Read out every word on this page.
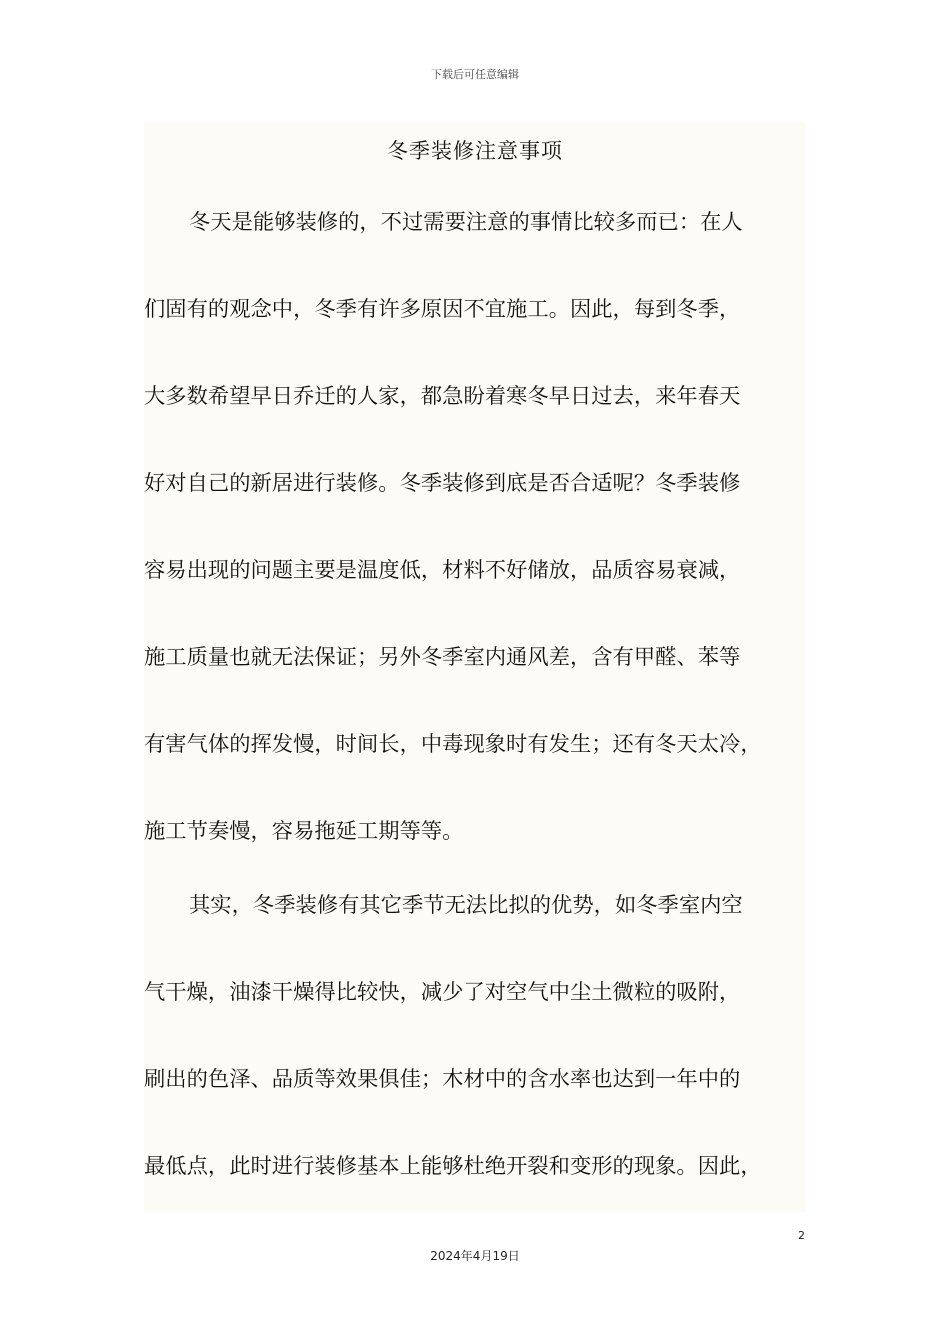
下载后可任意编辑
冬季装修注意事项

冬天是能够装修的，不过需要注意的事情比较多而已：在人

们固有的观念中，冬季有许多原因不宜施工。因此，每到冬季，

大多数希望早日乔迁的人家，都急盼着寒冬早日过去，来年春天

好对自己的新居进行装修。冬季装修到底是否合适呢？冬季装修

容易出现的问题主要是温度低，材料不好储放，品质容易衰减，

施工质量也就无法保证；另外冬季室内通风差，含有甲醛、苯等

有害气体的挥发慢，时间长，中毒现象时有发生；还有冬天太冷，

施工节奏慢，容易拖延工期等等。

其实，冬季装修有其它季节无法比拟的优势，如冬季室内空

气干燥，油漆干燥得比较快，减少了对空气中尘土微粒的吸附，

刷出的色泽、品质等效果俱佳；木材中的含水率也达到一年中的

最低点，此时进行装修基本上能够杜绝开裂和变形的现象。因此，

2
2024年4月19日
